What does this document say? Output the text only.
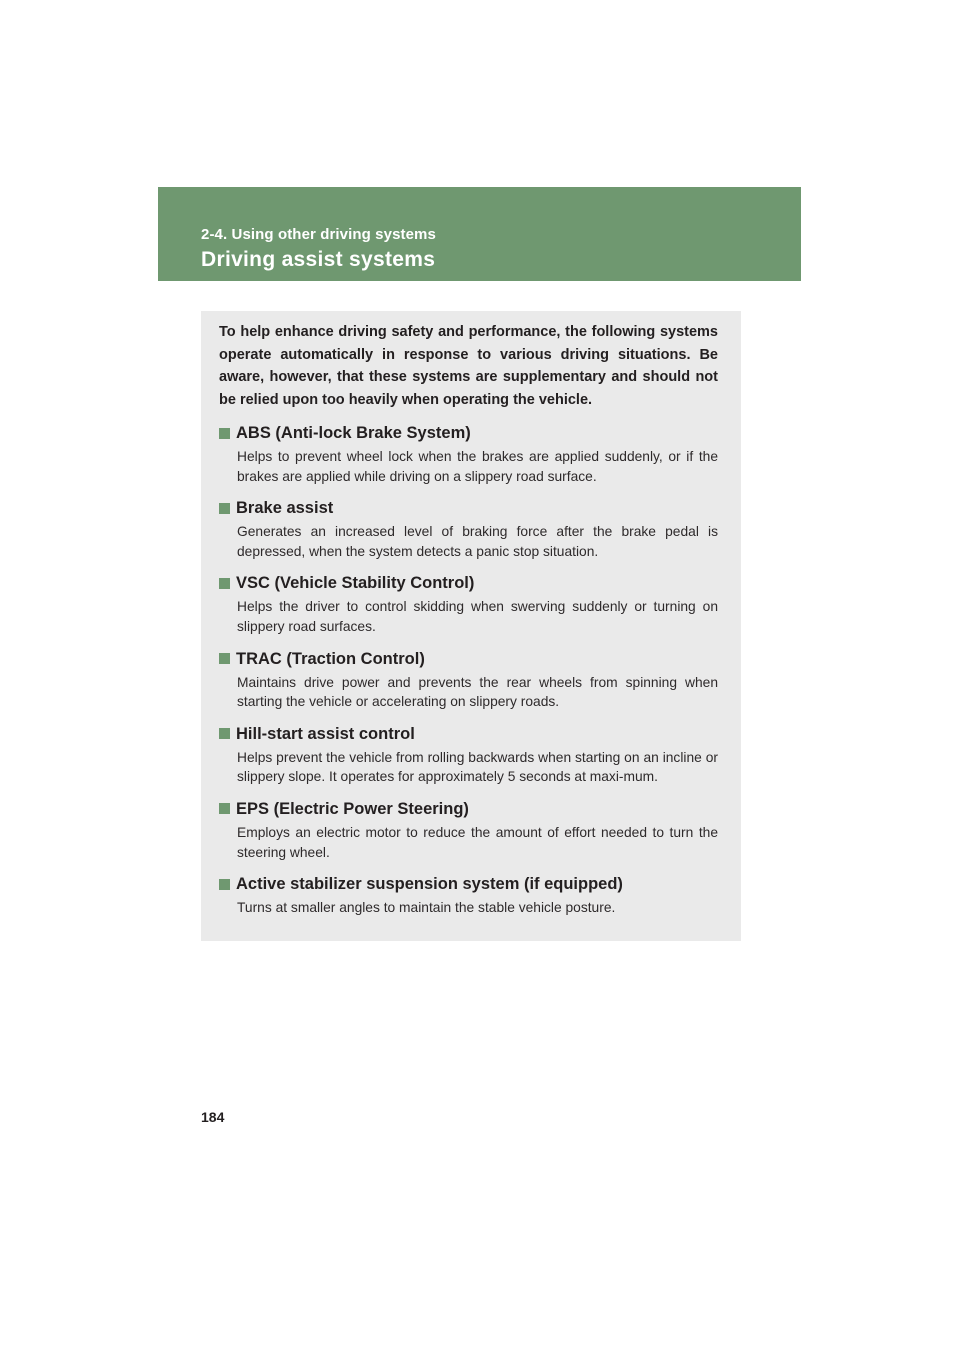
2-4. Using other driving systems
Driving assist systems

To help enhance driving safety and performance, the following systems operate automatically in response to various driving situations. Be aware, however, that these systems are supplementary and should not be relied upon too heavily when operating the vehicle.

ABS (Anti-lock Brake System)

Helps to prevent wheel lock when the brakes are applied suddenly, or if the brakes are applied while driving on a slippery road surface.

Brake assist

Generates an increased level of braking force after the brake pedal is depressed, when the system detects a panic stop situation.

VSC (Vehicle Stability Control)

Helps the driver to control skidding when swerving suddenly or turning on slippery road surfaces.

TRAC (Traction Control)

Maintains drive power and prevents the rear wheels from spinning when starting the vehicle or accelerating on slippery roads.

Hill-start assist control

Helps prevent the vehicle from rolling backwards when starting on an incline or slippery slope. It operates for approximately 5 seconds at maxi-mum.

EPS (Electric Power Steering)

Employs an electric motor to reduce the amount of effort needed to turn the steering wheel.

Active stabilizer suspension system (if equipped)

Turns at smaller angles to maintain the stable vehicle posture.

184
